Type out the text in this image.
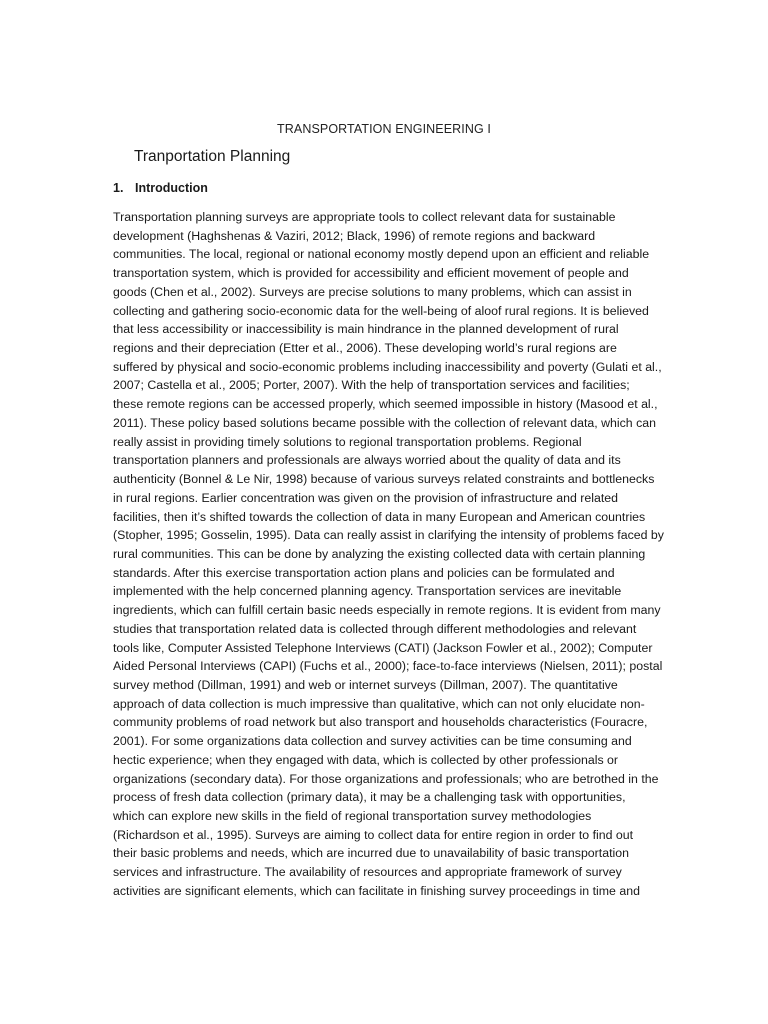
TRANSPORTATION ENGINEERING I
Tranportation Planning
1. Introduction
Transportation planning surveys are appropriate tools to collect relevant data for sustainable
development (Haghshenas & Vaziri, 2012; Black, 1996) of remote regions and backward
communities. The local, regional or national economy mostly depend upon an efficient and reliable
transportation system, which is provided for accessibility and efficient movement of people and
goods (Chen et al., 2002). Surveys are precise solutions to many problems, which can assist in
collecting and gathering socio-economic data for the well-being of aloof rural regions. It is believed
that less accessibility or inaccessibility is main hindrance in the planned development of rural
regions and their depreciation (Etter et al., 2006). These developing world’s rural regions are
suffered by physical and socio-economic problems including inaccessibility and poverty (Gulati et al.,
2007; Castella et al., 2005; Porter, 2007). With the help of transportation services and facilities;
these remote regions can be accessed properly, which seemed impossible in history (Masood et al.,
2011). These policy based solutions became possible with the collection of relevant data, which can
really assist in providing timely solutions to regional transportation problems. Regional
transportation planners and professionals are always worried about the quality of data and its
authenticity (Bonnel & Le Nir, 1998) because of various surveys related constraints and bottlenecks
in rural regions. Earlier concentration was given on the provision of infrastructure and related
facilities, then it’s shifted towards the collection of data in many European and American countries
(Stopher, 1995; Gosselin, 1995). Data can really assist in clarifying the intensity of problems faced by
rural communities. This can be done by analyzing the existing collected data with certain planning
standards. After this exercise transportation action plans and policies can be formulated and
implemented with the help concerned planning agency. Transportation services are inevitable
ingredients, which can fulfill certain basic needs especially in remote regions. It is evident from many
studies that transportation related data is collected through different methodologies and relevant
tools like, Computer Assisted Telephone Interviews (CATI) (Jackson Fowler et al., 2002); Computer
Aided Personal Interviews (CAPI) (Fuchs et al., 2000); face-to-face interviews (Nielsen, 2011); postal
survey method (Dillman, 1991) and web or internet surveys (Dillman, 2007). The quantitative
approach of data collection is much impressive than qualitative, which can not only elucidate non-
community problems of road network but also transport and households characteristics (Fouracre,
2001). For some organizations data collection and survey activities can be time consuming and
hectic experience; when they engaged with data, which is collected by other professionals or
organizations (secondary data). For those organizations and professionals; who are betrothed in the
process of fresh data collection (primary data), it may be a challenging task with opportunities,
which can explore new skills in the field of regional transportation survey methodologies
(Richardson et al., 1995). Surveys are aiming to collect data for entire region in order to find out
their basic problems and needs, which are incurred due to unavailability of basic transportation
services and infrastructure. The availability of resources and appropriate framework of survey
activities are significant elements, which can facilitate in finishing survey proceedings in time and
